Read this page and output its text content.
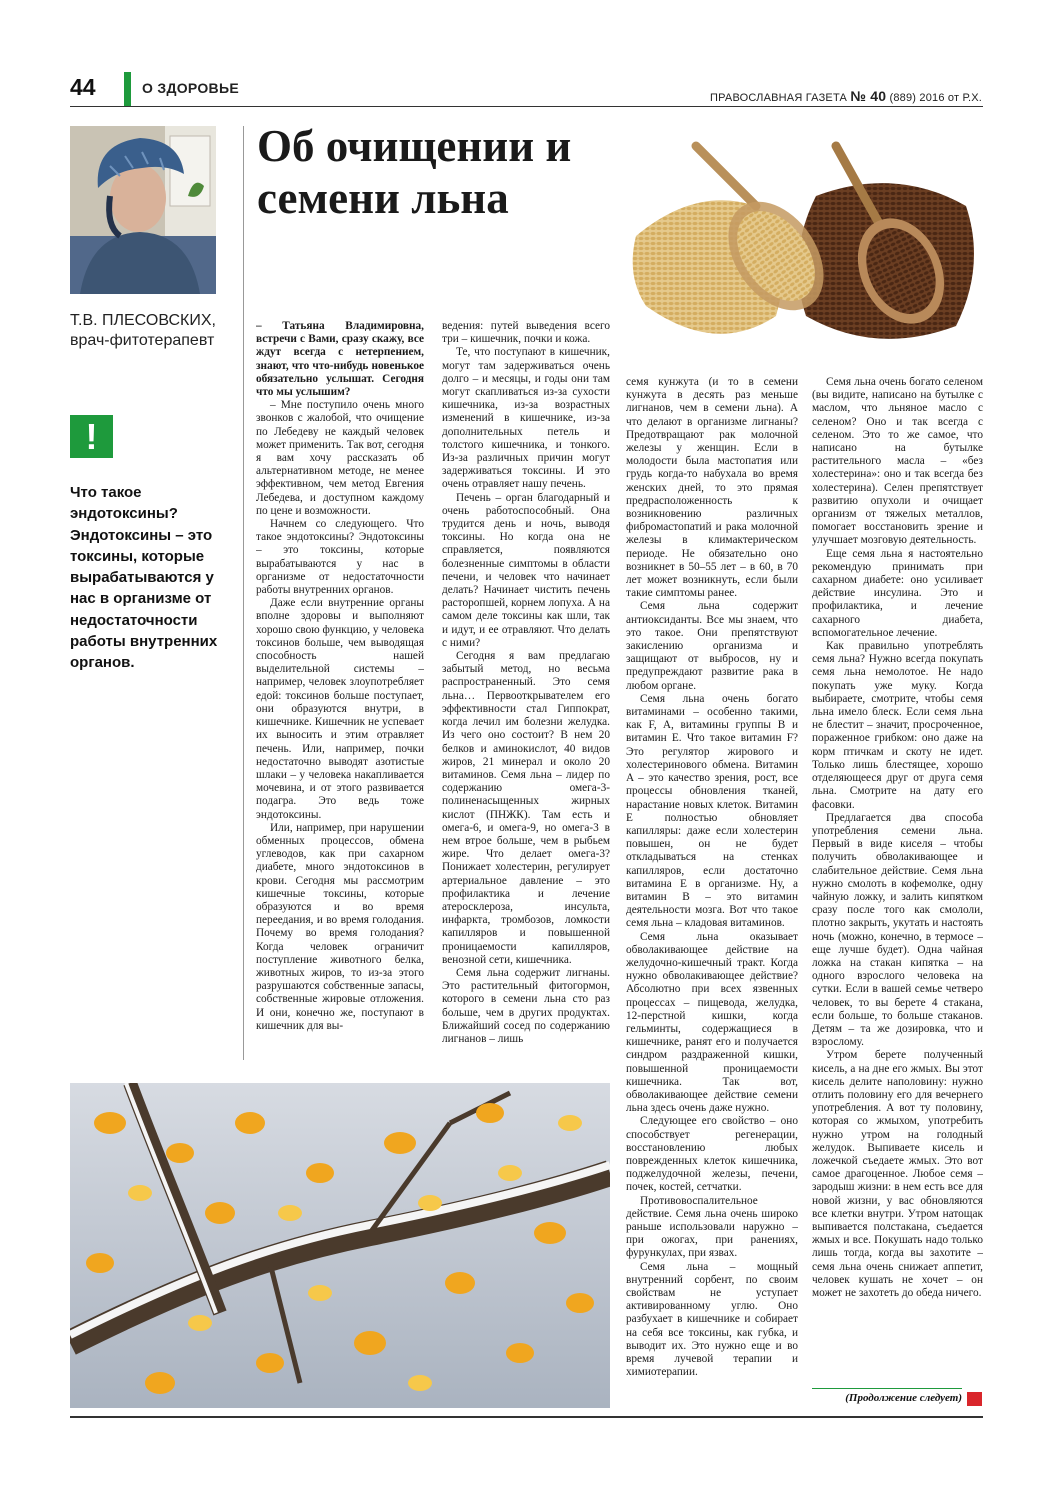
44	О ЗДОРОВЬЕ
ПРАВОСЛАВНАЯ ГАЗЕТА № 40 (889) 2016 от Р.Х.
Т.В. ПЛЕСОВСКИХ,
врач-фитотерапевт
!
Что такое эндотоксины? Эндотоксины – это токсины, которые вырабатываются у нас в организме от недостаточности работы внутренних органов.
Об очищении и семени льна

– Татьяна Владимировна, встречи с Вами, сразу скажу, все ждут всегда с нетерпением, знают, что что-нибудь новенькое обязательно услышат. Сегодня что мы услышим?

– Мне поступило очень много звонков с жалобой, что очищение по Лебедеву не каждый человек может применить. Так вот, сегодня я вам хочу рассказать об альтернативном методе, не менее эффективном, чем метод Евгения Лебедева, и доступном каждому по цене и возможности.

Начнем со следующего. Что такое эндотоксины? Эндотоксины – это токсины, которые вырабатываются у нас в организме от недостаточности работы внутренних органов.

Даже если внутренние органы вполне здоровы и выполняют хорошо свою функцию, у человека токсинов больше, чем выводящая способность нашей выделительной системы – например, человек злоупотребляет едой: токсинов больше поступает, они образуются внутри, в кишечнике. Кишечник не успевает их выносить и этим отравляет печень. Или, например, почки недостаточно выводят азотистые шлаки – у человека накапливается мочевина, и от этого развивается подагра. Это ведь тоже эндотоксины.

Или, например, при нарушении обменных процессов, обмена углеводов, как при сахарном диабете, много эндотоксинов в крови. Сегодня мы рассмотрим кишечные токсины, которые образуются и во время переедания, и во время голодания. Почему во время голодания? Когда человек ограничит поступление животного белка, животных жиров, то из-за этого разрушаются собственные запасы, собственные жировые отложения. И они, конечно же, поступают в кишечник для вы-

ведения: путей выведения всего три – кишечник, почки и кожа.

Те, что поступают в кишечник, могут там задерживаться очень долго – и месяцы, и годы они там могут скапливаться из-за сухости кишечника, из-за возрастных изменений в кишечнике, из-за дополнительных петель и толстого кишечника, и тонкого. Из-за различных причин могут задерживаться токсины. И это очень отравляет нашу печень.

Печень – орган благодарный и очень работоспособный. Она трудится день и ночь, выводя токсины. Но когда она не справляется, появляются болезненные симптомы в области печени, и человек что начинает делать? Начинает чистить печень расторопшей, корнем лопуха. А на самом деле токсины как шли, так и идут, и ее отравляют. Что делать с ними?

Сегодня я вам предлагаю забытый метод, но весьма распространенный. Это семя льна… Первооткрывателем его эффективности стал Гиппократ, когда лечил им болезни желудка. Из чего оно состоит? В нем 20 белков и аминокислот, 40 видов жиров, 21 минерал и около 20 витаминов. Семя льна – лидер по содержанию омега-3-полиненасыщенных жирных кислот (ПНЖК). Там есть и омега-6, и омега-9, но омега-3 в нем втрое больше, чем в рыбьем жире. Что делает омега-3? Понижает холестерин, регулирует артериальное давление – это профилактика и лечение атеросклероза, инсульта, инфаркта, тромбозов, ломкости капилляров и повышенной проницаемости капилляров, венозной сети, кишечника.

Семя льна содержит лигнаны. Это растительный фитогормон, которого в семени льна сто раз больше, чем в других продуктах. Ближайший сосед по содержанию лигнанов – лишь

семя кунжута (и то в семени кунжута в десять раз меньше лигнанов, чем в семени льна). А что делают в организме лигнаны? Предотвращают рак молочной железы у женщин. Если в молодости была мастопатия или грудь когда-то набухала во время женских дней, то это прямая предрасположенность к возникновению различных фибромастопатий и рака молочной железы в климактерическом периоде. Не обязательно оно возникнет в 50–55 лет – в 60, в 70 лет может возникнуть, если были такие симптомы ранее.

Семя льна содержит антиоксиданты. Все мы знаем, что это такое. Они препятствуют закислению организма и защищают от выбросов, ну и предупреждают развитие рака в любом органе.

Семя льна очень богато витаминами – особенно такими, как F, A, витамины группы B и витамин E. Что такое витамин F? Это регулятор жирового и холестеринового обмена. Витамин A – это качество зрения, рост, все процессы обновления тканей, нарастание новых клеток. Витамин E полностью обновляет капилляры: даже если холестерин повышен, он не будет откладываться на стенках капилляров, если достаточно витамина E в организме. Ну, а витамин B – это витамин деятельности мозга. Вот что такое семя льна – кладовая витаминов.

Семя льна оказывает обволакивающее действие на желудочно-кишечный тракт. Когда нужно обволакивающее действие? Абсолютно при всех язвенных процессах – пищевода, желудка, 12-перстной кишки, когда гельминты, содержащиеся в кишечнике, ранят его и получается синдром раздраженной кишки, повышенной проницаемости кишечника. Так вот, обволакивающее действие семени льна здесь очень даже нужно.

Следующее его свойство – оно способствует регенерации, восстановлению любых поврежденных клеток кишечника, поджелудочной железы, печени, почек, костей, сетчатки.

Противовоспалительное действие. Семя льна очень широко раньше использовали наружно – при ожогах, при ранениях, фурункулах, при язвах.

Семя льна – мощный внутренний сорбент, по своим свойствам не уступает активированному углю. Оно разбухает в кишечнике и собирает на себя все токсины, как губка, и выводит их. Это нужно еще и во время лучевой терапии и химиотерапии.

Семя льна очень богато селеном (вы видите, написано на бутылке с маслом, что льняное масло с селеном? Оно и так всегда с селеном. Это то же самое, что написано на бутылке растительного масла – «без холестерина»: оно и так всегда без холестерина). Селен препятствует развитию опухоли и очищает организм от тяжелых металлов, помогает восстановить зрение и улучшает мозговую деятельность.

Еще семя льна я настоятельно рекомендую принимать при сахарном диабете: оно усиливает действие инсулина. Это и профилактика, и лечение сахарного диабета, вспомогательное лечение.

Как правильно употреблять семя льна? Нужно всегда покупать семя льна немолотое. Не надо покупать уже муку. Когда выбираете, смотрите, чтобы семя льна имело блеск. Если семя льна не блестит – значит, просроченное, пораженное грибком: оно даже на корм птичкам и скоту не идет. Только лишь блестящее, хорошо отделяющееся друг от друга семя льна. Смотрите на дату его фасовки.

Предлагается два способа употребления семени льна. Первый в виде киселя – чтобы получить обволакивающее и слабительное действие. Семя льна нужно смолоть в кофемолке, одну чайную ложку, и залить кипятком сразу после того как смололи, плотно закрыть, укутать и настоять ночь (можно, конечно, в термосе – еще лучше будет). Одна чайная ложка на стакан кипятка – на одного взрослого человека на сутки. Если в вашей семье четверо человек, то вы берете 4 стакана, если больше, то больше стаканов. Детям – та же дозировка, что и взрослому.

Утром берете полученный кисель, а на дне его жмых. Вы этот кисель делите наполовину: нужно отлить половину его для вечернего употребления. А вот ту половину, которая со жмыхом, употребить нужно утром на голодный желудок. Выпиваете кисель и ложечкой съедаете жмых. Это вот самое драгоценное. Любое семя – зародыш жизни: в нем есть все для новой жизни, у вас обновляются все клетки внутри. Утром натощак выпивается полстакана, съедается жмых и все. Покушать надо только лишь тогда, когда вы захотите – семя льна очень снижает аппетит, человек кушать не хочет – он может не захотеть до обеда ничего.

(Продолжение следует)
